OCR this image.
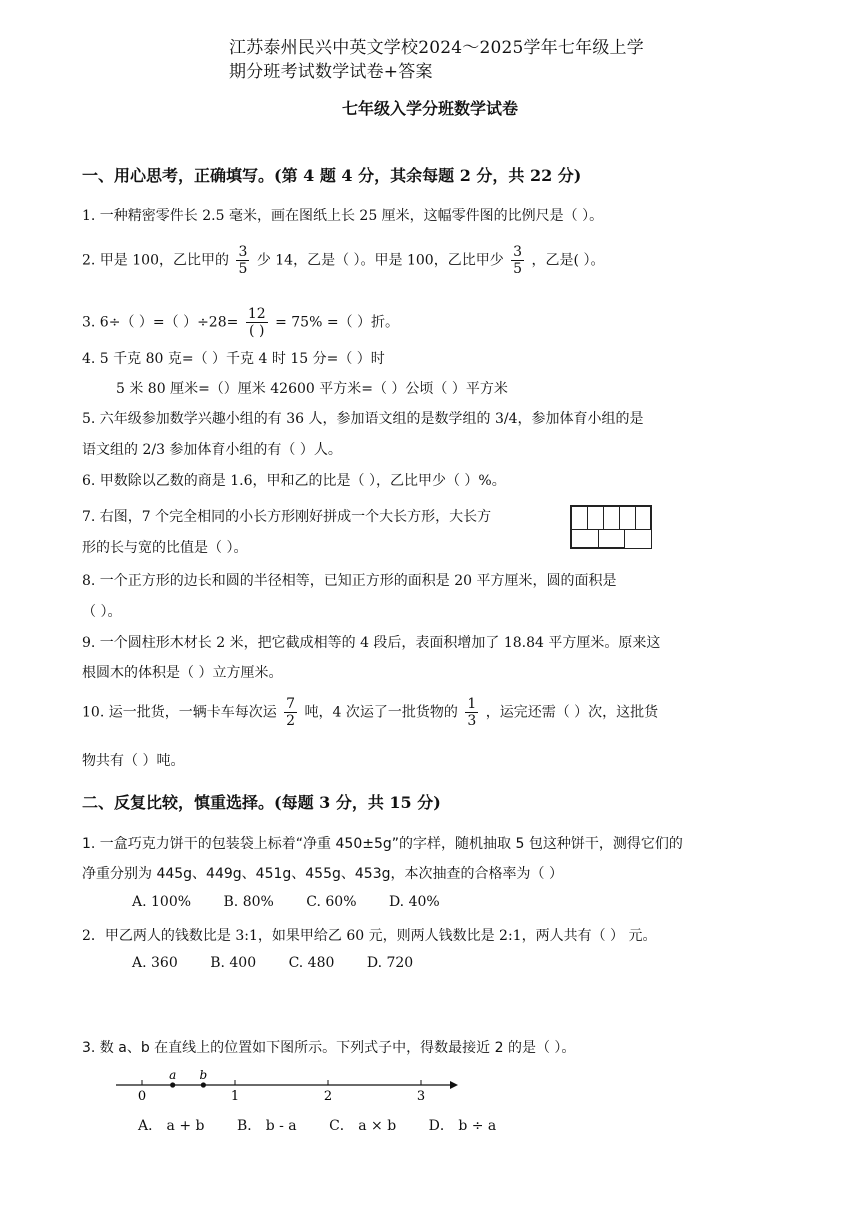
江苏泰州民兴中英文学校2024～2025学年七年级上学
期分班考试数学试卷+答案
七年级入学分班数学试卷
一、用心思考，正确填写。(第 4 题 4 分，其余每题 2 分，共 22 分)
1. 一种精密零件长 2.5 毫米，画在图纸上长 25 厘米，这幅零件图的比例尺是（ ）。
2. 甲是 100，乙比甲的 $\frac{3}{5}$ 少 14，乙是（ ）。甲是 100，乙比甲少 $\frac{3}{5}$ ，乙是( ）。
3. 6÷（ ）=（ ）$\div 28= \frac{12}{( )} = 75\%$ =（ ）折。
4. 5 千克 80 克=（ ）千克 4 时 15 分=（ ）时
5 米 80 厘米=（）厘米 42600 平方米=（ ）公顷（ ）平方米
5. 六年级参加数学兴趣小组的有 36 人，参加语文组的是数学组的 3/4，参加体育小组的是
语文组的 2/3 参加体育小组的有（ ）人。
6. 甲数除以乙数的商是 1.6，甲和乙的比是（ ），乙比甲少（ ）%。
7. 右图，7 个完全相同的小长方形刚好拼成一个大长方形，大长方
形的长与宽的比值是（ ）。
8. 一个正方形的边长和圆的半径相等，已知正方形的面积是 20 平方厘米，圆的面积是
（ ）。
9. 一个圆柱形木材长 2 米，把它截成相等的 4 段后，表面积增加了 18.84 平方厘米。原来这
根圆木的体积是（ ）立方厘米。
10. 运一批货，一辆卡车每次运 $\frac{7}{2}$ 吨，4 次运了一批货物的 $\frac{1}{3}$ ，运完还需（ ）次，这批货
物共有（ ）吨。
二、反复比较，慎重选择。(每题 3 分，共 15 分)
1. 一盒巧克力饼干的包装袋上标着“净重 450±5g”的字样，随机抽取 5 包这种饼干，测得它们的
净重分别为 445g、449g、451g、455g、453g，本次抽查的合格率为（ ）
A. 100% B. 80% C. 60% D. 40%
2．甲乙两人的钱数比是 3:1，如果甲给乙 60 元，则两人钱数比是 2:1，两人共有（ ） 元。
A. 360 B. 400 C. 480 D. 720
3. 数 a、b 在直线上的位置如下图所示。下列式子中，得数最接近 2 的是（ ）。
0	1	2	3
a b
A． a + b B． b - a C． a × b D． b ÷ a
